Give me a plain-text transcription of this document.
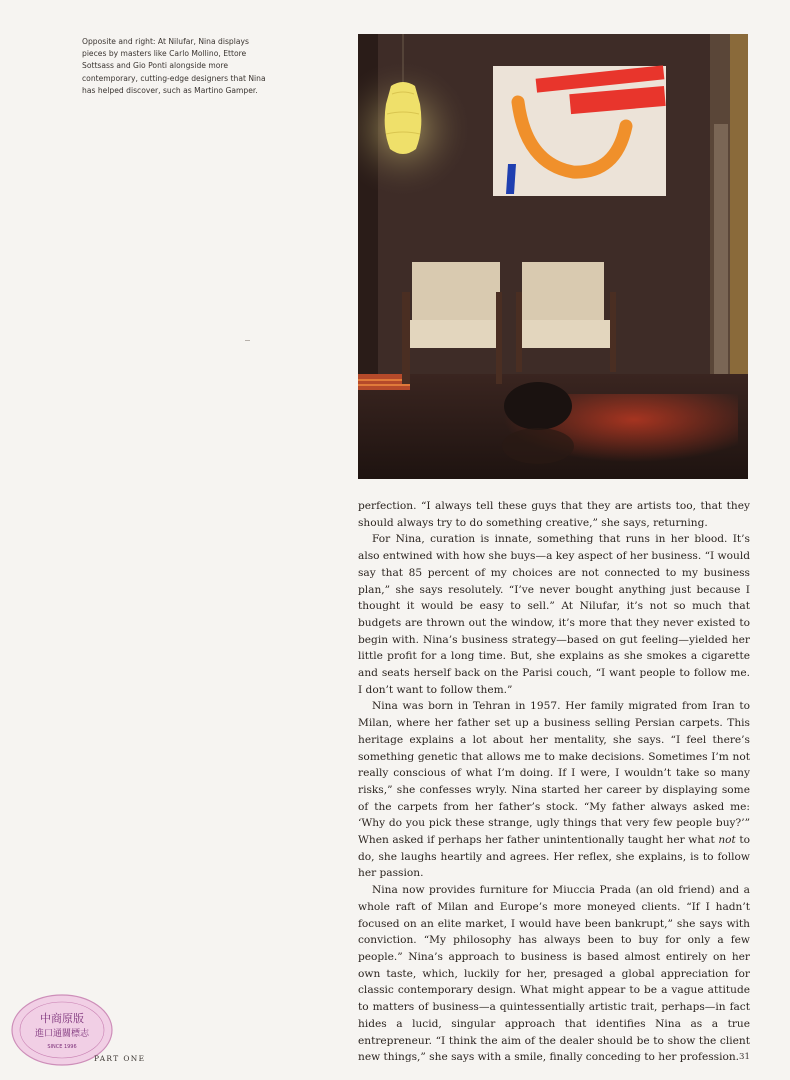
Opposite and right: At Nilufar, Nina displays pieces by masters like Carlo Mollino, Ettore Sottsass and Gio Ponti alongside more contemporary, cutting-edge designers that Nina has helped discover, such as Martino Gamper.

perfection. “I always tell these guys that they are artists too, that they should always try to do something creative,” she says, returning.

For Nina, curation is innate, something that runs in her blood. It’s also entwined with how she buys—a key aspect of her business. “I would say that 85 percent of my choices are not connected to my business plan,” she says resolutely. “I’ve never bought anything just because I thought it would be easy to sell.” At Nilufar, it’s not so much that budgets are thrown out the window, it’s more that they never existed to begin with. Nina’s business strategy—based on gut feeling—yielded her little profit for a long time. But, she explains as she smokes a cigarette and seats herself back on the Parisi couch, “I want people to follow me. I don’t want to follow them.”

Nina was born in Tehran in 1957. Her family migrated from Iran to Milan, where her father set up a business selling Persian carpets. This heritage explains a lot about her mentality, she says. “I feel there’s something genetic that allows me to make decisions. Sometimes I’m not really conscious of what I’m doing. If I were, I wouldn’t take so many risks,” she confesses wryly. Nina started her career by displaying some of the carpets from her father’s stock. “My father always asked me: ‘Why do you pick these strange, ugly things that very few people buy?’” When asked if perhaps her father unintentionally taught her what not to do, she laughs heartily and agrees. Her reflex, she explains, is to follow her passion.

Nina now provides furniture for Miuccia Prada (an old friend) and a whole raft of Milan and Europe’s more moneyed clients. “If I hadn’t focused on an elite market, I would have been bankrupt,” she says with conviction. “My philosophy has always been to buy for only a few people.” Nina’s approach to business is based almost entirely on her own taste, which, luckily for her, presaged a global appreciation for classic contemporary design. What might appear to be a vague attitude to matters of business—a quintessentially artistic trait, perhaps—in fact hides a lucid, singular approach that identifies Nina as a true entrepreneur. “I think the aim of the dealer should be to show the client new things,” she says with a smile, finally conceding to her profession.

中商原版
進口通關標志
SINCE 1996
PART ONE	31
